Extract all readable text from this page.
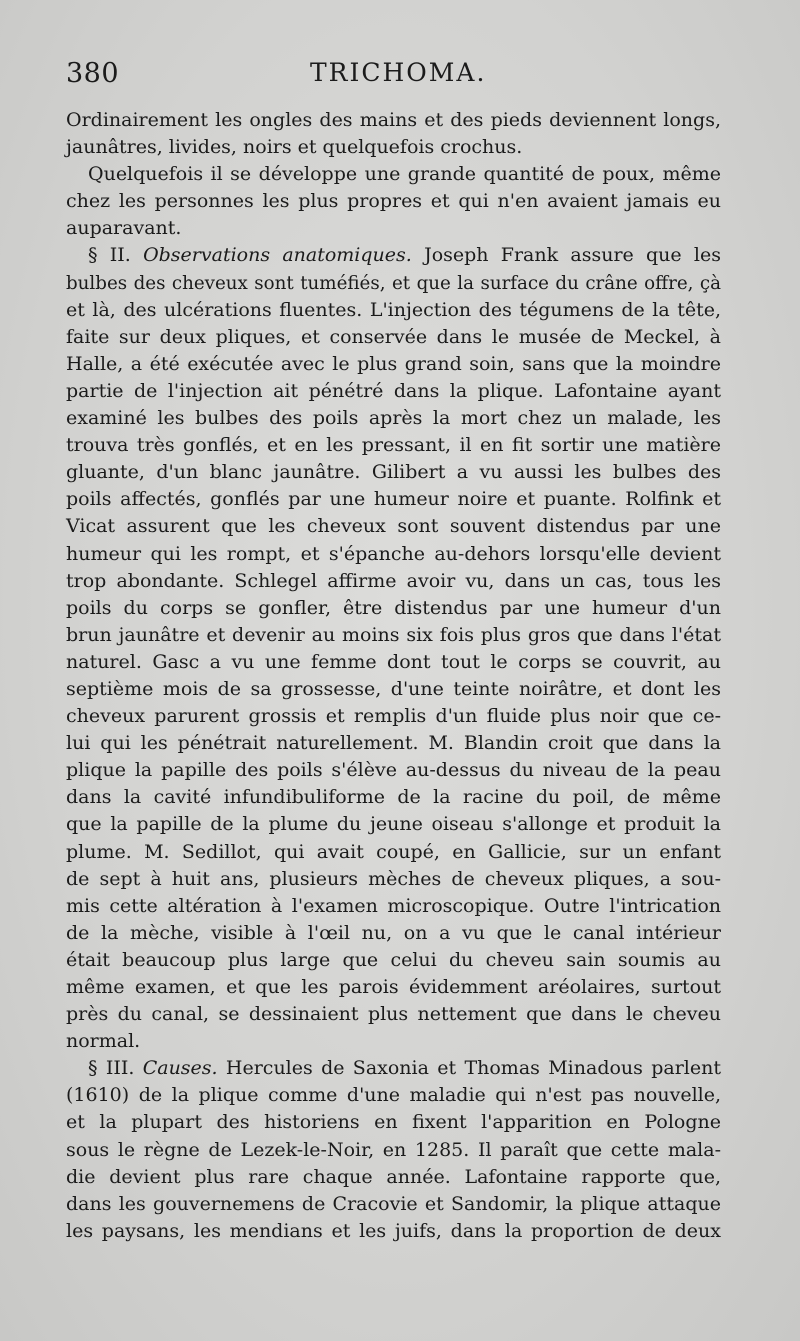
380	TRICHOMA.
Ordinairement les ongles des mains et des pieds deviennent longs,
jaunâtres, livides, noirs et quelquefois crochus.
Quelquefois il se développe une grande quantité de poux, même
chez les personnes les plus propres et qui n'en avaient jamais eu
auparavant.
§ II. Observations anatomiques. Joseph Frank assure que les
bulbes des cheveux sont tuméfiés, et que la surface du crâne offre, çà
et là, des ulcérations fluentes. L'injection des tégumens de la tête,
faite sur deux pliques, et conservée dans le musée de Meckel, à
Halle, a été exécutée avec le plus grand soin, sans que la moindre
partie de l'injection ait pénétré dans la plique. Lafontaine ayant
examiné les bulbes des poils après la mort chez un malade, les
trouva très gonflés, et en les pressant, il en fit sortir une matière
gluante, d'un blanc jaunâtre. Gilibert a vu aussi les bulbes des
poils affectés, gonflés par une humeur noire et puante. Rolfink et
Vicat assurent que les cheveux sont souvent distendus par une
humeur qui les rompt, et s'épanche au-dehors lorsqu'elle devient
trop abondante. Schlegel affirme avoir vu, dans un cas, tous les
poils du corps se gonfler, être distendus par une humeur d'un
brun jaunâtre et devenir au moins six fois plus gros que dans l'état
naturel. Gasc a vu une femme dont tout le corps se couvrit, au
septième mois de sa grossesse, d'une teinte noirâtre, et dont les
cheveux parurent grossis et remplis d'un fluide plus noir que ce-
lui qui les pénétrait naturellement. M. Blandin croit que dans la
plique la papille des poils s'élève au-dessus du niveau de la peau
dans la cavité infundibuliforme de la racine du poil, de même
que la papille de la plume du jeune oiseau s'allonge et produit la
plume. M. Sedillot, qui avait coupé, en Gallicie, sur un enfant
de sept à huit ans, plusieurs mèches de cheveux pliques, a sou-
mis cette altération à l'examen microscopique. Outre l'intrication
de la mèche, visible à l'œil nu, on a vu que le canal intérieur
était beaucoup plus large que celui du cheveu sain soumis au
même examen, et que les parois évidemment aréolaires, surtout
près du canal, se dessinaient plus nettement que dans le cheveu
normal.
§ III. Causes. Hercules de Saxonia et Thomas Minadous parlent
(1610) de la plique comme d'une maladie qui n'est pas nouvelle,
et la plupart des historiens en fixent l'apparition en Pologne
sous le règne de Lezek-le-Noir, en 1285. Il paraît que cette mala-
die devient plus rare chaque année. Lafontaine rapporte que,
dans les gouvernemens de Cracovie et Sandomir, la plique attaque
les paysans, les mendians et les juifs, dans la proportion de deux
